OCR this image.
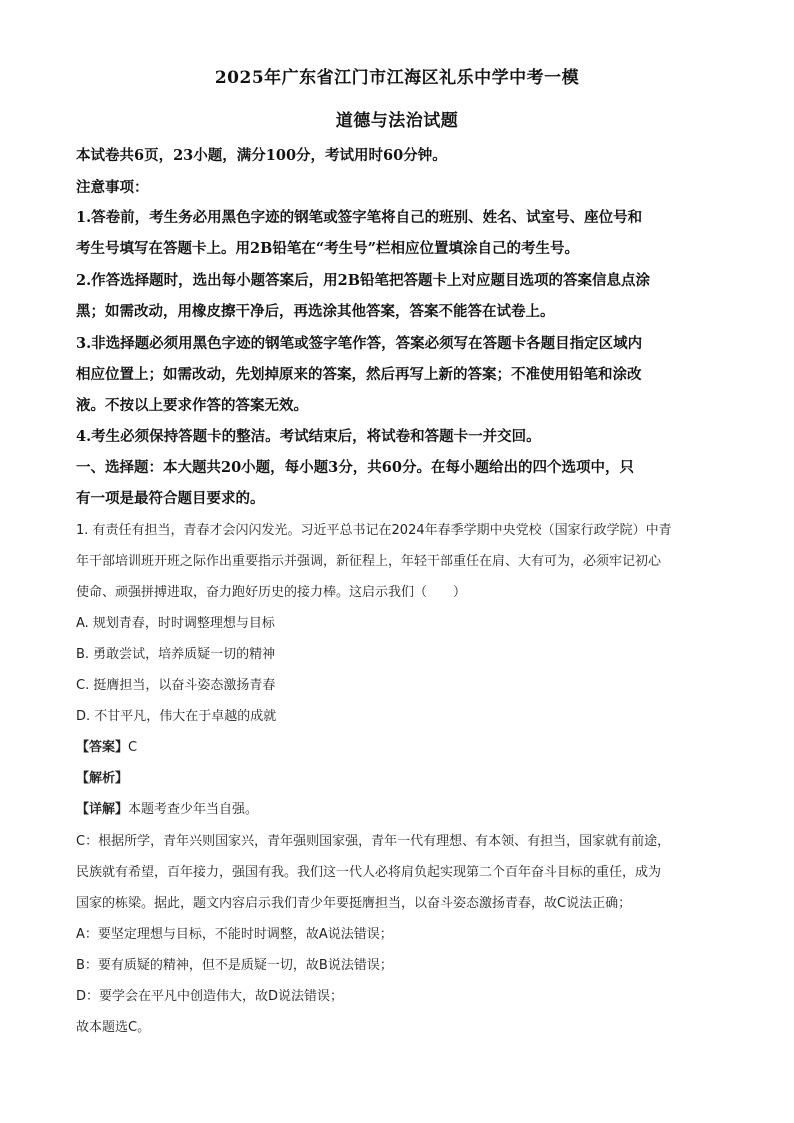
2025年广东省江门市江海区礼乐中学中考一模
道德与法治试题
本试卷共6页，23小题，满分100分，考试用时60分钟。
注意事项：
1.答卷前，考生务必用黑色字迹的钢笔或签字笔将自己的班别、姓名、试室号、座位号和
考生号填写在答题卡上。用2B铅笔在“考生号”栏相应位置填涂自己的考生号。
2.作答选择题时，选出每小题答案后，用2B铅笔把答题卡上对应题目选项的答案信息点涂
黑；如需改动，用橡皮擦干净后，再选涂其他答案，答案不能答在试卷上。
3.非选择题必须用黑色字迹的钢笔或签字笔作答，答案必须写在答题卡各题目指定区域内
相应位置上；如需改动，先划掉原来的答案，然后再写上新的答案；不准使用铅笔和涂改
液。不按以上要求作答的答案无效。
4.考生必须保持答题卡的整洁。考试结束后，将试卷和答题卡一并交回。
一、选择题：本大题共20小题，每小题3分，共60分。在每小题给出的四个选项中，只
有一项是最符合题目要求的。
1. 有责任有担当，青春才会闪闪发光。习近平总书记在2024年春季学期中央党校（国家行政学院）中青
年干部培训班开班之际作出重要指示并强调，新征程上，年轻干部重任在肩、大有可为，必须牢记初心
使命、顽强拼搏进取，奋力跑好历史的接力棒。这启示我们（　　）
A. 规划青春，时时调整理想与目标
B. 勇敢尝试，培养质疑一切的精神
C. 挺膺担当，以奋斗姿态激扬青春
D. 不甘平凡，伟大在于卓越的成就
【答案】C
【解析】
【详解】本题考查少年当自强。
C：根据所学，青年兴则国家兴，青年强则国家强，青年一代有理想、有本领、有担当，国家就有前途，
民族就有希望，百年接力，强国有我。我们这一代人必将肩负起实现第二个百年奋斗目标的重任，成为
国家的栋梁。据此，题文内容启示我们青少年要挺膺担当，以奋斗姿态激扬青春，故C说法正确；
A：要坚定理想与目标，不能时时调整，故A说法错误；
B：要有质疑的精神，但不是质疑一切，故B说法错误；
D：要学会在平凡中创造伟大，故D说法错误；
故本题选C。
